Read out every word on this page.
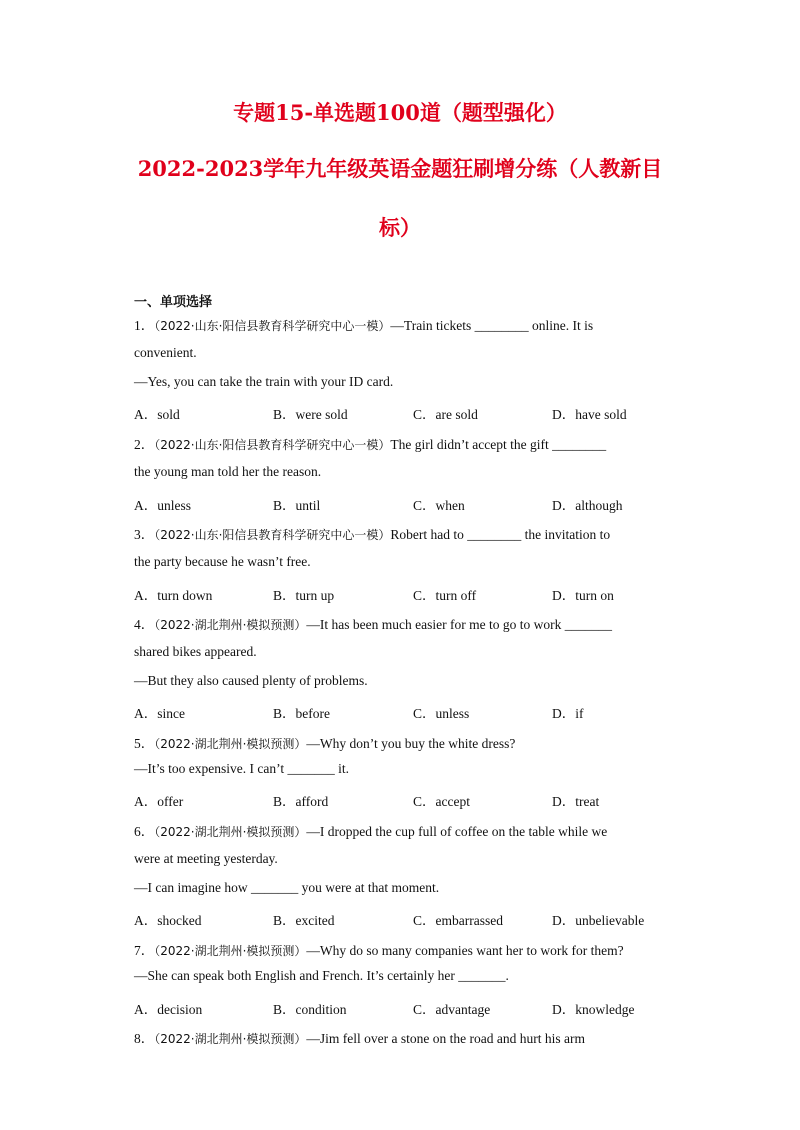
专题15-单选题100道（题型强化）
2022-2023学年九年级英语金题狂刷增分练（人教新目
标）
一、单项选择
1．（2022·山东·阳信县教育科学研究中心一模）—Train tickets ________ online. It is
convenient.
—Yes, you can take the train with your ID card.
A．sold	B．were sold	C．are sold	D．have sold
2．（2022·山东·阳信县教育科学研究中心一模）The girl didn’t accept the gift ________
the young man told her the reason.
A．unless	B．until	C．when	D．although
3．（2022·山东·阳信县教育科学研究中心一模）Robert had to ________ the invitation to
the party because he wasn’t free.
A．turn down	B．turn up	C．turn off	D．turn on
4．（2022·湖北荆州·模拟预测）—It has been much easier for me to go to work _______
shared bikes appeared.
—But they also caused plenty of problems.
A．since	B．before	C．unless	D．if
5．（2022·湖北荆州·模拟预测）—Why don’t you buy the white dress?
—It’s too expensive. I can’t _______ it.
A．offer	B．afford	C．accept	D．treat
6．（2022·湖北荆州·模拟预测）—I dropped the cup full of coffee on the table while we
were at meeting yesterday.
—I can imagine how _______ you were at that moment.
A．shocked	B．excited	C．embarrassed	D．unbelievable
7．（2022·湖北荆州·模拟预测）—Why do so many companies want her to work for them?
—She can speak both English and French. It’s certainly her _______.
A．decision	B．condition	C．advantage	D．knowledge
8．（2022·湖北荆州·模拟预测）—Jim fell over a stone on the road and hurt his arm
